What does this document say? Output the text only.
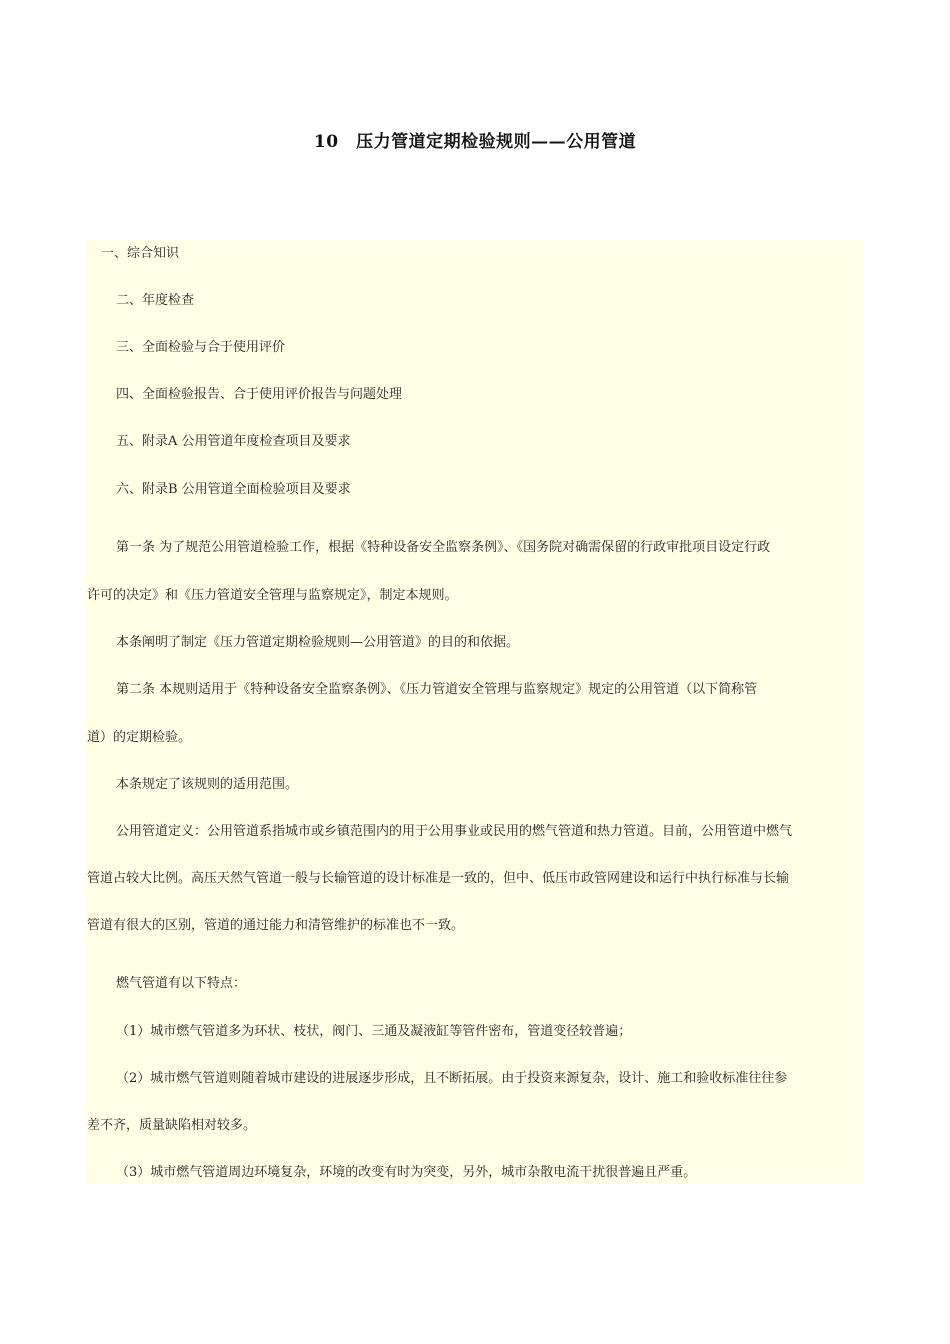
10　压力管道定期检验规则——公用管道
一、综合知识
二、年度检查
三、全面检验与合于使用评价
四、全面检验报告、合于使用评价报告与问题处理
五、附录A 公用管道年度检查项目及要求
六、附录B 公用管道全面检验项目及要求
第一条 为了规范公用管道检验工作，根据《特种设备安全监察条例》、《国务院对确需保留的行政审批项目设定行政
许可的决定》和《压力管道安全管理与监察规定》，制定本规则。
本条阐明了制定《压力管道定期检验规则—公用管道》的目的和依据。
第二条 本规则适用于《特种设备安全监察条例》、《压力管道安全管理与监察规定》规定的公用管道（以下简称管
道）的定期检验。
本条规定了该规则的适用范围。
公用管道定义：公用管道系指城市或乡镇范围内的用于公用事业或民用的燃气管道和热力管道。目前，公用管道中燃气
管道占较大比例。高压天然气管道一般与长输管道的设计标准是一致的，但中、低压市政管网建设和运行中执行标准与长输
管道有很大的区别，管道的通过能力和清管维护的标准也不一致。
燃气管道有以下特点：
（1）城市燃气管道多为环状、枝状，阀门、三通及凝液缸等管件密布，管道变径较普遍；
（2）城市燃气管道则随着城市建设的进展逐步形成，且不断拓展。由于投资来源复杂，设计、施工和验收标准往往参
差不齐，质量缺陷相对较多。
（3）城市燃气管道周边环境复杂，环境的改变有时为突变，另外，城市杂散电流干扰很普遍且严重。
